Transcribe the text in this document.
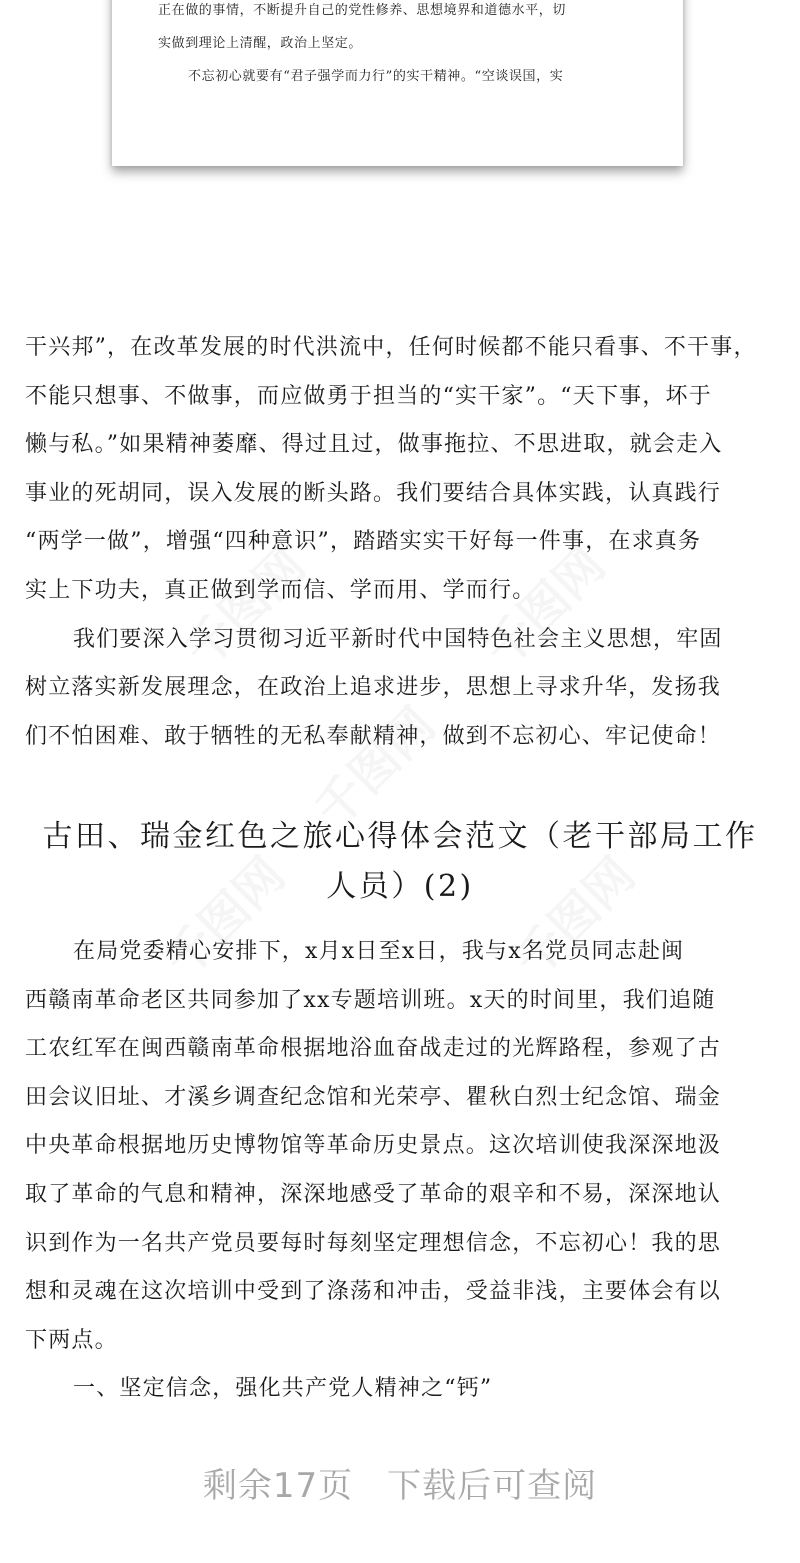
正在做的事情，不断提升自己的党性修养、思想境界和道德水平，切

实做到理论上清醒，政治上坚定。

不忘初心就要有“君子强学而力行”的实干精神。“空谈误国，实

千图网	千图网
千图网
千图网	千图网

干兴邦”，在改革发展的时代洪流中，任何时候都不能只看事、不干事，

不能只想事、不做事，而应做勇于担当的“实干家”。“天下事，坏于

懒与私。”如果精神萎靡、得过且过，做事拖拉、不思进取，就会走入

事业的死胡同，误入发展的断头路。我们要结合具体实践，认真践行

“两学一做”，增强“四种意识”，踏踏实实干好每一件事，在求真务

实上下功夫，真正做到学而信、学而用、学而行。

我们要深入学习贯彻习近平新时代中国特色社会主义思想，牢固

树立落实新发展理念，在政治上追求进步，思想上寻求升华，发扬我

们不怕困难、敢于牺牲的无私奉献精神，做到不忘初心、牢记使命！

古田、瑞金红色之旅心得体会范文（老干部局工作
人员）(2)

在局党委精心安排下，x月x日至x日，我与x名党员同志赴闽

西赣南革命老区共同参加了xx专题培训班。x天的时间里，我们追随

工农红军在闽西赣南革命根据地浴血奋战走过的光辉路程，参观了古

田会议旧址、才溪乡调查纪念馆和光荣亭、瞿秋白烈士纪念馆、瑞金

中央革命根据地历史博物馆等革命历史景点。这次培训使我深深地汲

取了革命的气息和精神，深深地感受了革命的艰辛和不易，深深地认

识到作为一名共产党员要每时每刻坚定理想信念，不忘初心！我的思

想和灵魂在这次培训中受到了涤荡和冲击，受益非浅，主要体会有以

下两点。

一、坚定信念，强化共产党人精神之“钙”

剩余17页 下载后可查阅
